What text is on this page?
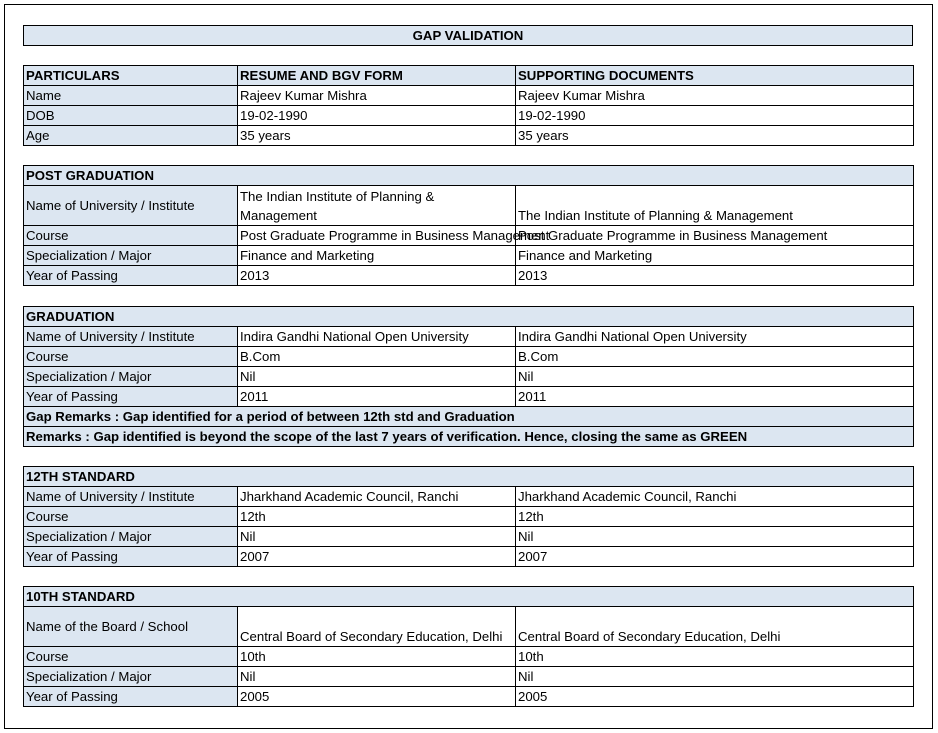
GAP VALIDATION
PARTICULARS	RESUME AND BGV FORM	SUPPORTING DOCUMENTS
Name	Rajeev Kumar Mishra	Rajeev Kumar Mishra
DOB	19-02-1990	19-02-1990
Age	35 years	35 years
POST GRADUATION		
Name of University / Institute	The Indian Institute of Planning & Management	The Indian Institute of Planning & Management
Course	Post Graduate Programme in Business Management	Post Graduate Programme in Business Management
Specialization / Major	Finance and Marketing	Finance and Marketing
Year of Passing	2013	2013
GRADUATION		
Name of University / Institute	Indira Gandhi National Open University	Indira Gandhi National Open University
Course	B.Com	B.Com
Specialization / Major	Nil	Nil
Year of Passing	2011	2011
Gap Remarks : Gap identified for a period of between 12th std and Graduation		
Remarks : Gap identified is beyond the scope of the last 7 years of verification. Hence, closing the same as GREEN		
12TH STANDARD		
Name of University / Institute	Jharkhand Academic Council, Ranchi	Jharkhand Academic Council, Ranchi
Course	12th	12th
Specialization / Major	Nil	Nil
Year of Passing	2007	2007
10TH STANDARD		
Name of the Board / School	Central Board of Secondary Education, Delhi	Central Board of Secondary Education, Delhi
Course	10th	10th
Specialization / Major	Nil	Nil
Year of Passing	2005	2005
